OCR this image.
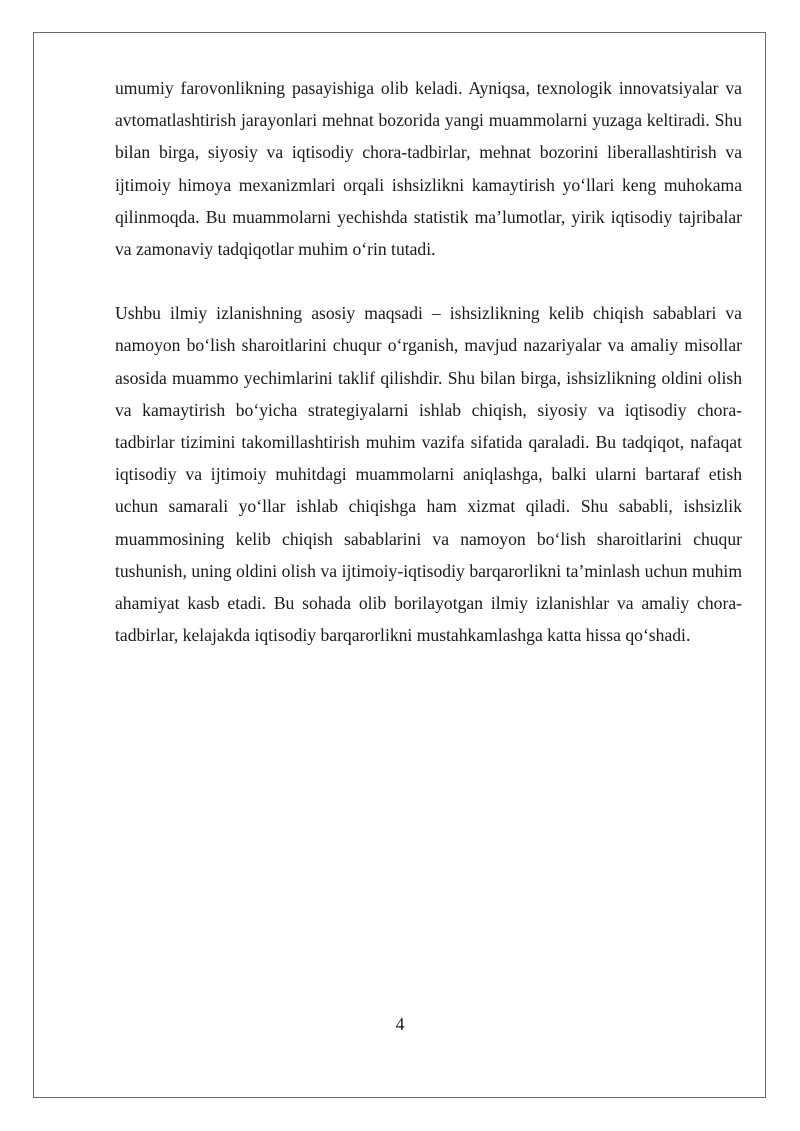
umumiy farovonlikning pasayishiga olib keladi. Ayniqsa, texnologik innovatsiyalar va avtomatlashtirish jarayonlari mehnat bozorida yangi muammolarni yuzaga keltiradi. Shu bilan birga, siyosiy va iqtisodiy chora-tadbirlar, mehnat bozorini liberallashtirish va ijtimoiy himoya mexanizmlari orqali ishsizlikni kamaytirish yo‘llari keng muhokama qilinmoqda. Bu muammolarni yechishda statistik ma’lumotlar, yirik iqtisodiy tajribalar va zamonaviy tadqiqotlar muhim o‘rin tutadi.

Ushbu ilmiy izlanishning asosiy maqsadi – ishsizlikning kelib chiqish sabablari va namoyon bo‘lish sharoitlarini chuqur o‘rganish, mavjud nazariyalar va amaliy misollar asosida muammo yechimlarini taklif qilishdir. Shu bilan birga, ishsizlikning oldini olish va kamaytirish bo‘yicha strategiyalarni ishlab chiqish, siyosiy va iqtisodiy chora-tadbirlar tizimini takomillashtirish muhim vazifa sifatida qaraladi. Bu tadqiqot, nafaqat iqtisodiy va ijtimoiy muhitdagi muammolarni aniqlashga, balki ularni bartaraf etish uchun samarali yo‘llar ishlab chiqishga ham xizmat qiladi. Shu sababli, ishsizlik muammosining kelib chiqish sabablarini va namoyon bo‘lish sharoitlarini chuqur tushunish, uning oldini olish va ijtimoiy-iqtisodiy barqarorlikni ta’minlash uchun muhim ahamiyat kasb etadi. Bu sohada olib borilayotgan ilmiy izlanishlar va amaliy chora-tadbirlar, kelajakda iqtisodiy barqarorlikni mustahkamlashga katta hissa qo‘shadi.

4
